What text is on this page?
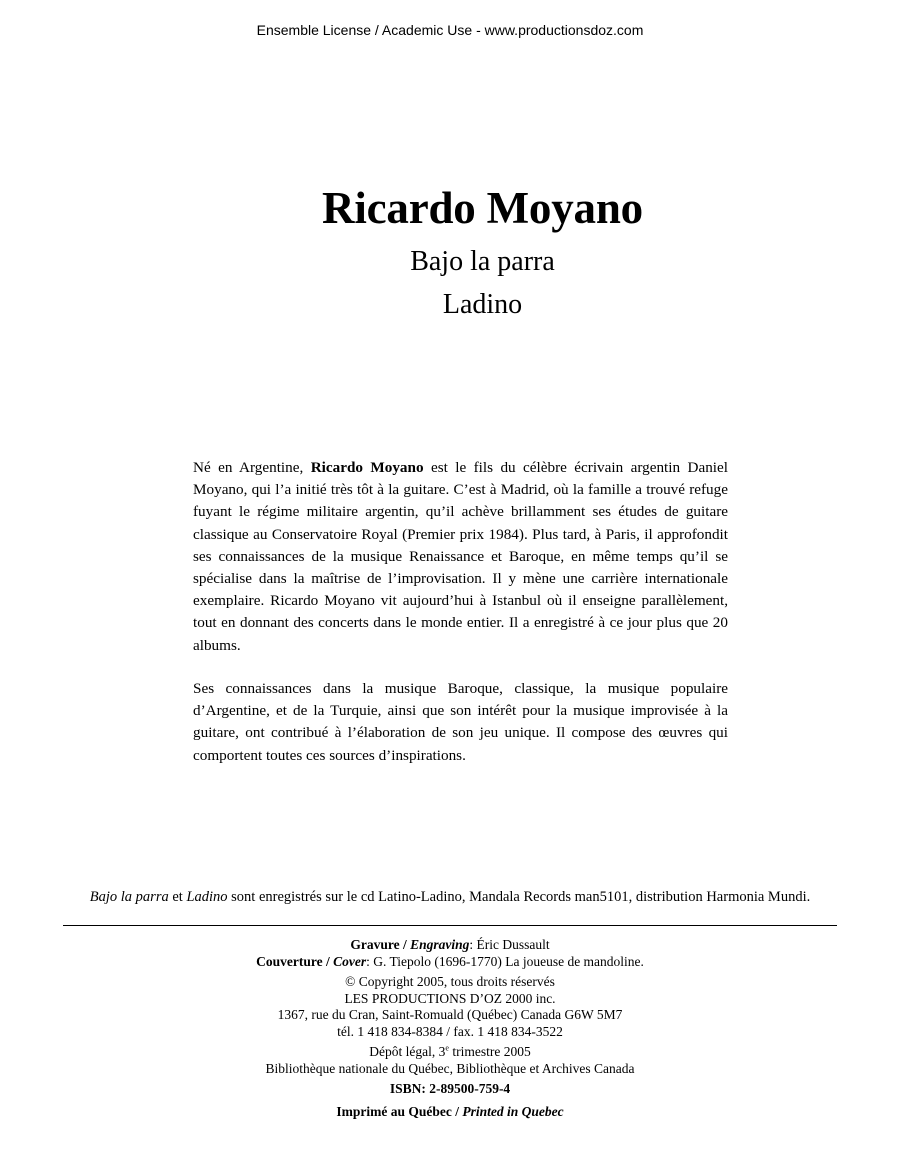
Ensemble License / Academic Use - www.productionsdoz.com
Ricardo Moyano
Bajo la parra
Ladino

Né en Argentine, Ricardo Moyano est le fils du célèbre écrivain argentin Daniel Moyano, qui l’a initié très tôt à la guitare. C’est à Madrid, où la famille a trouvé refuge fuyant le régime militaire argentin, qu’il achève brillamment ses études de guitare classique au Conservatoire Royal (Premier prix 1984). Plus tard, à Paris, il approfondit ses connaissances de la musique Renaissance et Baroque, en même temps qu’il se spécialise dans la maîtrise de l’improvisation. Il y mène une carrière internationale exemplaire. Ricardo Moyano vit aujourd’hui à Istanbul où il enseigne parallèlement, tout en donnant des concerts dans le monde entier. Il a enregistré à ce jour plus que 20 albums.

Ses connaissances dans la musique Baroque, classique, la musique populaire d’Argentine, et de la Turquie, ainsi que son intérêt pour la musique improvisée à la guitare, ont contribué à l’élaboration de son jeu unique. Il compose des œuvres qui comportent toutes ces sources d’inspirations.

Bajo la parra et Ladino sont enregistrés sur le cd Latino-Ladino, Mandala Records man5101, distribution Harmonia Mundi.
Gravure / Engraving: Éric Dussault
Couverture / Cover: G. Tiepolo (1696-1770) La joueuse de mandoline.
© Copyright 2005, tous droits réservés
LES PRODUCTIONS D’OZ 2000 inc.
1367, rue du Cran, Saint-Romuald (Québec) Canada G6W 5M7
tél. 1 418 834-8384 / fax. 1 418 834-3522
Dépôt légal, 3e trimestre 2005
Bibliothèque nationale du Québec, Bibliothèque et Archives Canada
ISBN: 2-89500-759-4
Imprimé au Québec / Printed in Quebec
